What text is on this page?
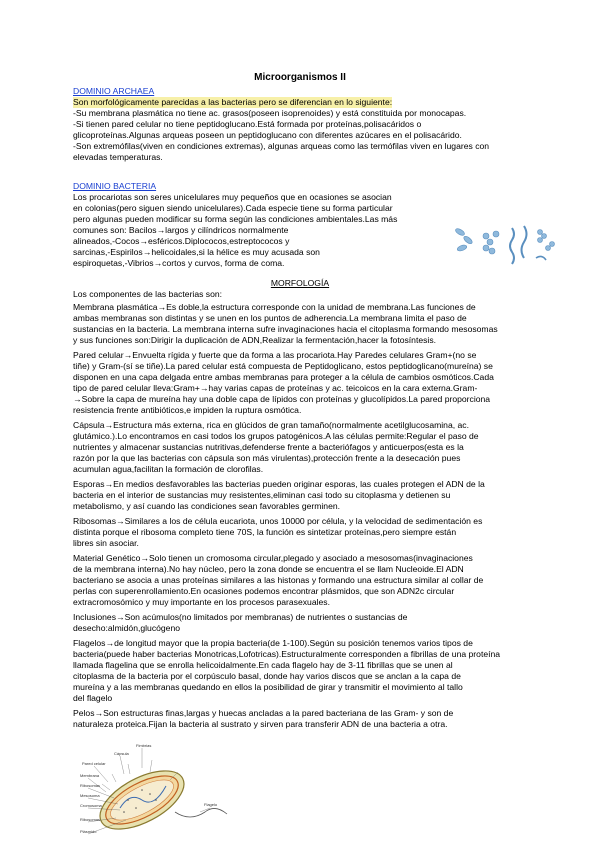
Microorganismos II
DOMINIO ARCHAEA
Son morfológicamente parecidas a las bacterias pero se diferencian en lo siguiente:
-Su membrana plasmática no tiene ac. grasos(poseen isoprenoides) y está constituida por monocapas.
-Si tienen pared celular no tiene peptidoglucano.Está formada por proteínas,polisacáridos o
glicoproteínas.Algunas arqueas poseen un peptidoglucano con diferentes azúcares en el polisacárido.
-Son extremófilas(viven en condiciones extremas), algunas arqueas como las termófilas viven en lugares con
elevadas temperaturas.
DOMINIO BACTERIA
Los procariotas son seres unicelulares muy pequeños que en ocasiones se asocian
en colonias(pero siguen siendo unicelulares).Cada especie tiene su forma particular
pero algunas pueden modificar su forma según las condiciones ambientales.Las más
comunes son: Bacilos→largos y cilíndricos normalmente
alineados,-Cocos→esféricos.Diplococos,estreptococos y
sarcinas,-Espirilos→helicoidales,si la hélice es muy acusada son
espiroquetas,-Vibrios→cortos y curvos, forma de coma.
MORFOLOGÍA
Los componentes de las bacterias son:
Membrana plasmática→Es doble,la estructura corresponde con la unidad de membrana.Las funciones de
ambas membranas son distintas y se unen en los puntos de adherencia.La membrana limita el paso de
sustancias en la bacteria. La membrana interna sufre invaginaciones hacia el citoplasma formando mesosomas
y sus funciones son:Dirigir la duplicación de ADN,Realizar la fermentación,hacer la fotosíntesis.
Pared celular→Envuelta rígida y fuerte que da forma a las procariota.Hay Paredes celulares Gram+(no se
tiñe) y Gram-(sí se tiñe).La pared celular está compuesta de Peptidoglicano, estos peptidoglicano(mureína) se
disponen en una capa delgada entre ambas membranas para proteger a la célula de cambios osmóticos.Cada
tipo de pared celular lleva:Gram+→hay varias capas de proteínas y ac. teicoicos en la cara externa.Gram-
→Sobre la capa de mureína hay una doble capa de lípidos con proteínas y glucolípidos.La pared proporciona
resistencia frente antibióticos,e impiden la ruptura osmótica.
Cápsula→Estructura más externa, rica en glúcidos de gran tamaño(normalmente acetilglucosamina, ac.
glutámico.).Lo encontramos en casi todos los grupos patogénicos.A las células permite:Regular el paso de
nutrientes y almacenar sustancias nutritivas,defenderse frente a bacteriófagos y anticuerpos(esta es la
razón por la que las bacterias con cápsula son más virulentas),protección frente a la desecación pues
acumulan agua,facilitan la formación de clorofilas.
Esporas→En medios desfavorables las bacterias pueden originar esporas, las cuales protegen el ADN de la
bacteria en el interior de sustancias muy resistentes,eliminan casi todo su citoplasma y detienen su
metabolismo, y así cuando las condiciones sean favorables germinen.
Ribosomas→Similares a los de célula eucariota, unos 10000 por célula, y la velocidad de sedimentación es
distinta porque el ribosoma completo tiene 70S, la función es sintetizar proteínas,pero siempre están
libres sin asociar.
Material Genético→Solo tienen un cromosoma circular,plegado y asociado a mesosomas(invaginaciones
de la membrana interna).No hay núcleo, pero la zona donde se encuentra el se llam Nucleoide.El ADN
bacteriano se asocia a unas proteínas similares a las histonas y formando una estructura similar al collar de
perlas con superenrollamiento.En ocasiones podemos encontrar plásmidos, que son ADN2c circular
extracromosómico y muy importante en los procesos parasexuales.
Inclusiones→Son acúmulos(no limitados por membranas) de nutrientes o sustancias de
desecho:almidón,glucógeno
Flagelos→de longitud mayor que la propia bacteria(de 1-100).Según su posición tenemos varios tipos de
bacteria(puede haber bacterias Monotricas,Lofotricas).Estructuralmente corresponden a fibrillas de una proteína
llamada flagelina que se enrolla helicoidalmente.En cada flagelo hay de 3-11 fibrillas que se unen al
citoplasma de la bacteria por el corpúsculo basal, donde hay varios discos que se anclan a la capa de
mureína y a las membranas quedando en ellos la posibilidad de girar y transmitir el movimiento al tallo
del flagelo
Pelos→Son estructuras finas,largas y huecas ancladas a la pared bacteriana de las Gram- y son de
naturaleza proteica.Fijan la bacteria al sustrato y sirven para transferir ADN de una bacteria a otra.
Fimbrias
Cápsula
Pared celular
Membrana
Ribosomas
Mesosoma
Cromosoma	Flagelo
Ribosomas
Plásmido
